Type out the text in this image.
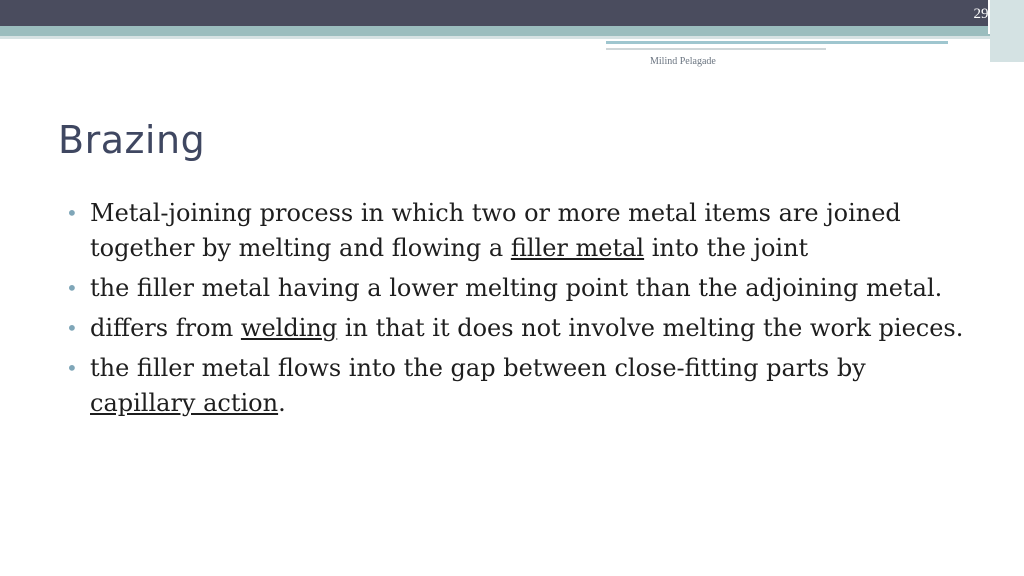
29
Milind Pelagade
Brazing
• Metal-joining process in which two or more metal items are joined together by melting and flowing a filler metal into the joint
• the filler metal having a lower melting point than the adjoining metal.
• differs from welding in that it does not involve melting the work pieces.
• the filler metal flows into the gap between close-fitting parts by capillary action.
